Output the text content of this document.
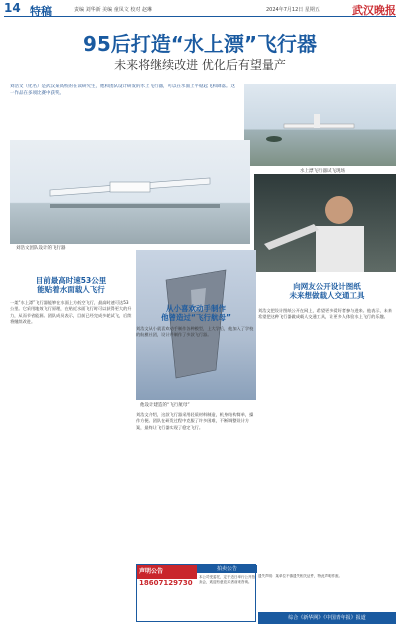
14 特稿	责编 刘华新 美编 童凤文 校对 赵琳	2024年7月12日 星期五	武汉晚报
95后打造“水上漂”飞行器
未来将继续改进 优化后有望量产
刘浩文（化名）是武汉某高校的在读研究生，他和团队设计研发的水上飞行器，可以在水面上平稳起飞和降落。这一作品在多项比赛中获奖。
水上漂飞行器试飞现场
刘浩文团队设计的飞行器
他设计建造的“飞行航母”
目前最高时速53公里
能贴着水面载人飞行
从小喜欢动手制作
他曾造过“飞行航母”
向网友公开设计图纸
未来想做载人交通工具
一架“水上漂”飞行器能够在水面上方低空飞行，最高时速可达53公里。它采用地效飞行原理，在贴近水面飞行时可以获得更大的升力，从而节省能源。团队成员表示，目前已经完成多轮试飞，后续将继续改进。
刘浩文从小就喜欢动手制作各种模型，上大学后，他加入了学校的航模社团，设计并制作了多款飞行器。
刘浩文把设计图纸公开在网上，希望更多爱好者参与进来。他表示，未来希望把这种飞行器做成载人交通工具，让更多人体验水上飞行的乐趣。
刘浩文介绍，这款飞行器采用轻质材料制造，机身结构简单，操作方便。团队在研发过程中克服了许多困难，不断调整设计方案，最终让飞行器实现了稳定飞行。
声明公告
18607129730
拍卖公告
本公司受委托，定于近日举行公开拍卖会，欢迎有意竞买者前来咨询。
遗失声明：某单位不慎遗失相关证件，特此声明作废。
综合《新华网》《中国青年报》报道
